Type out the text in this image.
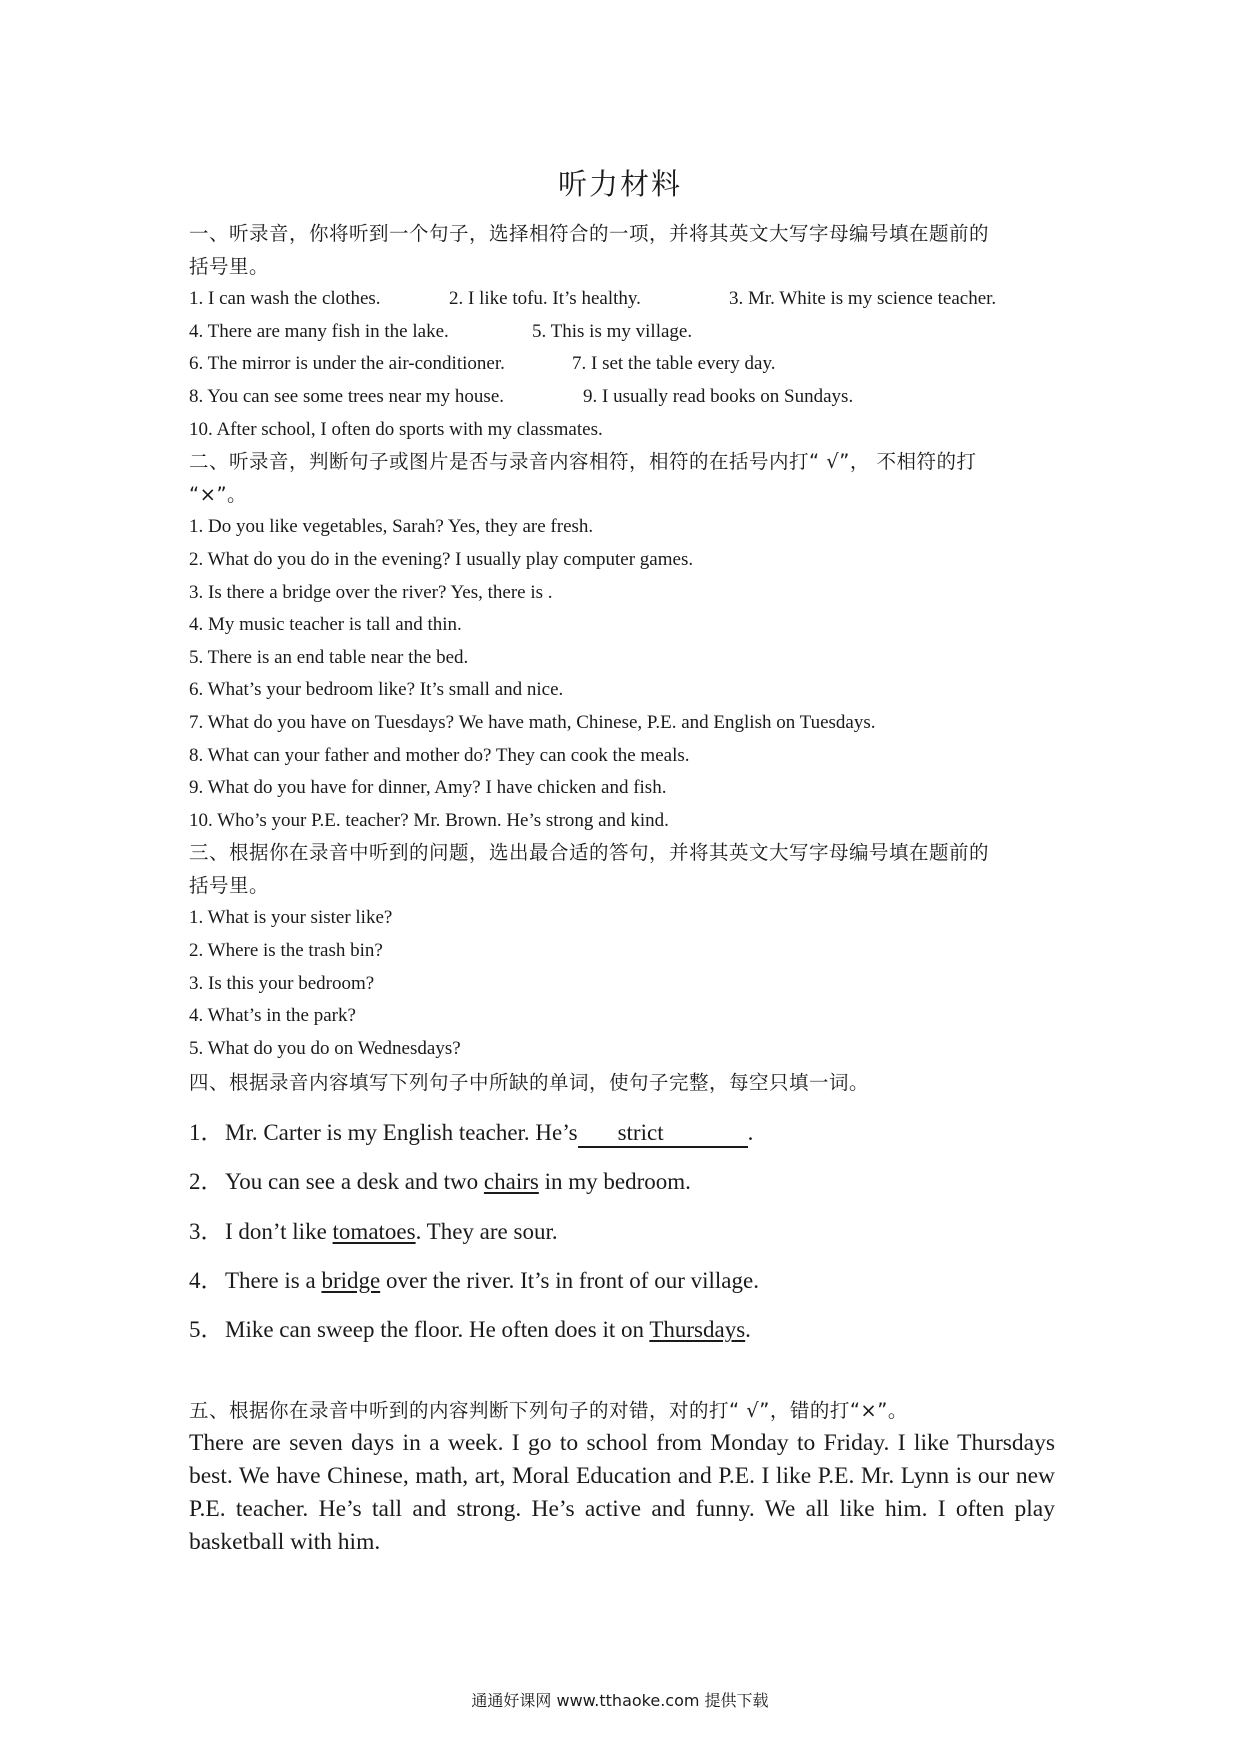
听力材料
一、听录音，你将听到一个句子，选择相符合的一项，并将其英文大写字母编号填在题前的
括号里。
1. I can wash the clothes.	2. I like tofu. It’s healthy.	3. Mr. White is my science teacher.
4. There are many fish in the lake.	5. This is my village.
6. The mirror is under the air-conditioner.	7. I set the table every day.
8. You can see some trees near my house.	9. I usually read books on Sundays.
10. After school, I often do sports with my classmates.
二、听录音，判断句子或图片是否与录音内容相符，相符的在括号内打“ √”， 不相符的打
“×”。
1. Do you like vegetables, Sarah? Yes, they are fresh.
2. What do you do in the evening? I usually play computer games.
3. Is there a bridge over the river? Yes, there is .
4. My music teacher is tall and thin.
5. There is an end table near the bed.
6. What’s your bedroom like? It’s small and nice.
7. What do you have on Tuesdays? We have math, Chinese, P.E. and English on Tuesdays.
8. What can your father and mother do? They can cook the meals.
9. What do you have for dinner, Amy? I have chicken and fish.
10. Who’s your P.E. teacher? Mr. Brown. He’s strong and kind.
三、根据你在录音中听到的问题，选出最合适的答句，并将其英文大写字母编号填在题前的
括号里。
1. What is your sister like?
2. Where is the trash bin?
3. Is this your bedroom?
4. What’s in the park?
5. What do you do on Wednesdays?
四、根据录音内容填写下列句子中所缺的单词，使句子完整，每空只填一词。
1．Mr. Carter is my English teacher. He’s strict	.
2．You can see a desk and two chairs in my bedroom.
3．I don’t like tomatoes. They are sour.
4．There is a bridge over the river. It’s in front of our village.
5．Mike can sweep the floor. He often does it on Thursdays.
五、根据你在录音中听到的内容判断下列句子的对错，对的打“ √”，错的打“×”。
There are seven days in a week. I go to school from Monday to Friday. I like Thursdays best. We have Chinese, math, art, Moral Education and P.E. I like P.E. Mr. Lynn is our new P.E. teacher. He’s tall and strong. He’s active and funny. We all like him. I often play basketball with him.
通通好课网 www.tthaoke.com 提供下载
